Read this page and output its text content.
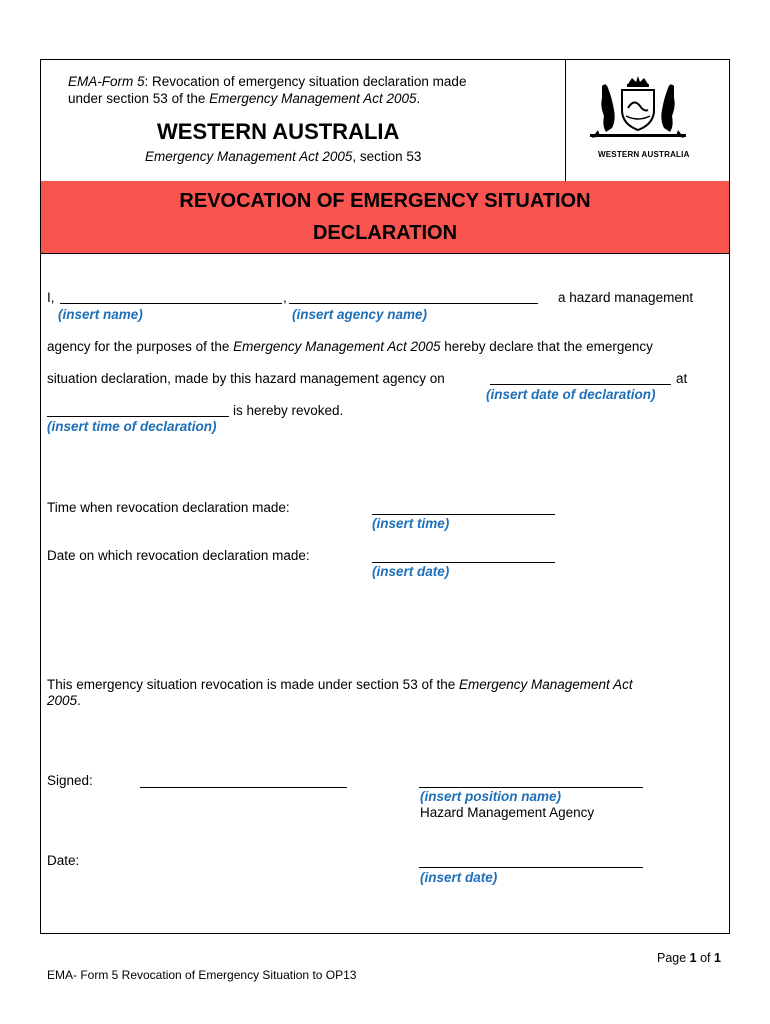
EMA-Form 5: Revocation of emergency situation declaration made
under section 53 of the Emergency Management Act 2005.
WESTERN AUSTRALIA
Emergency Management Act 2005, section 53	WESTERN AUSTRALIA
REVOCATION OF EMERGENCY SITUATION
DECLARATION
I,	,	a hazard management
(insert name)	(insert agency name)
agency for the purposes of the Emergency Management Act 2005 hereby declare that the emergency
situation declaration, made by this hazard management agency on	at
(insert date of declaration)
is hereby revoked.
(insert time of declaration)
Time when revocation declaration made:
(insert time)
Date on which revocation declaration made:
(insert date)
This emergency situation revocation is made under section 53 of the Emergency Management Act
2005.
Signed:
(insert position name)
Hazard Management Agency
Date:
(insert date)
Page 1 of 1
EMA- Form 5 Revocation of Emergency Situation to OP13
